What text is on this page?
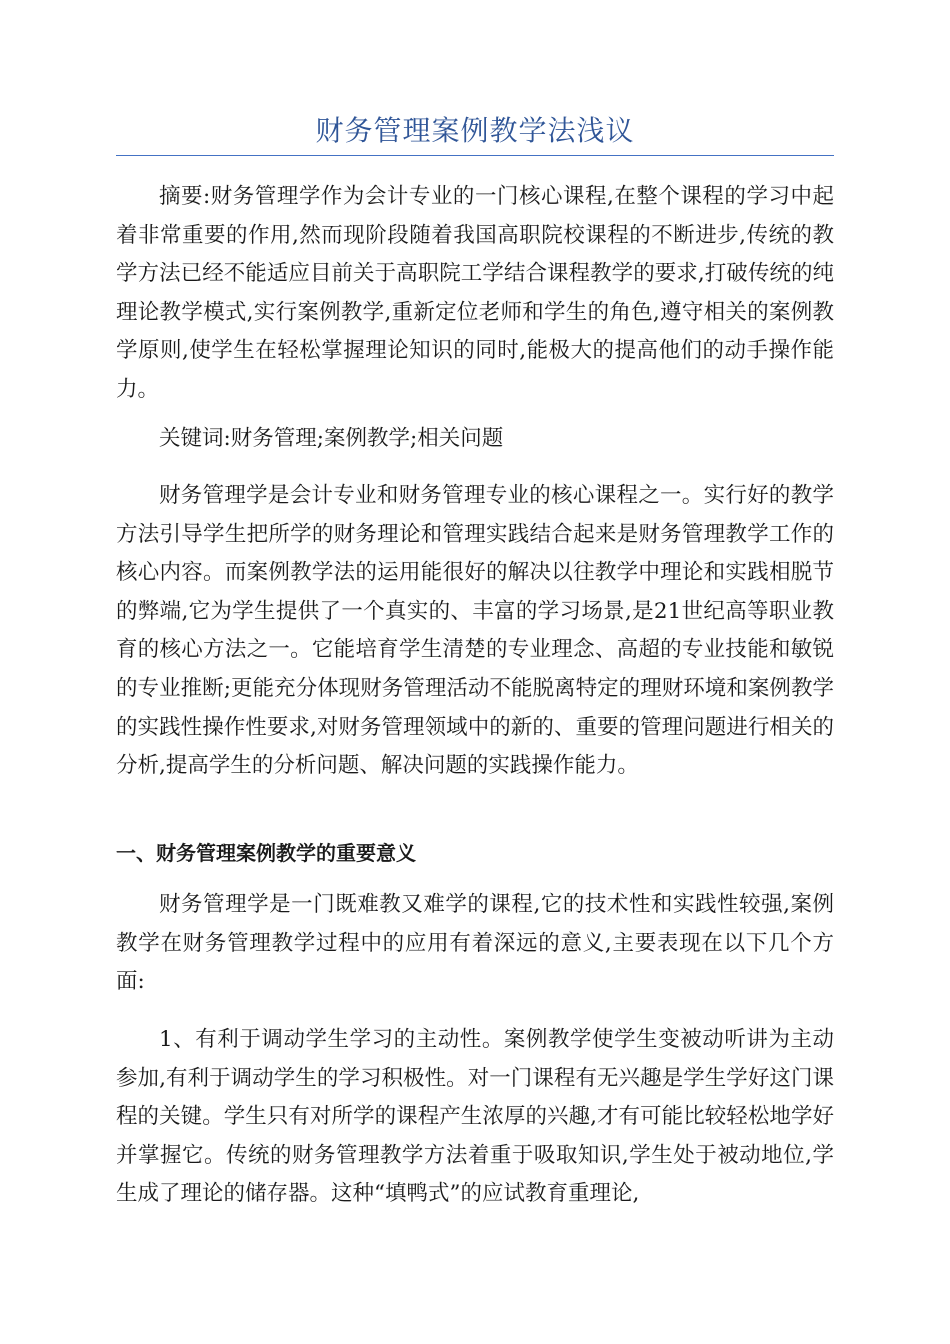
财务管理案例教学法浅议

摘要:财务管理学作为会计专业的一门核心课程,在整个课程的学习中起着非常重要的作用,然而现阶段随着我国高职院校课程的不断进步,传统的教学方法已经不能适应目前关于高职院工学结合课程教学的要求,打破传统的纯理论教学模式,实行案例教学,重新定位老师和学生的角色,遵守相关的案例教学原则,使学生在轻松掌握理论知识的同时,能极大的提高他们的动手操作能力。

关键词:财务管理;案例教学;相关问题

财务管理学是会计专业和财务管理专业的核心课程之一。实行好的教学方法引导学生把所学的财务理论和管理实践结合起来是财务管理教学工作的核心内容。而案例教学法的运用能很好的解决以往教学中理论和实践相脱节的弊端,它为学生提供了一个真实的、丰富的学习场景,是21世纪高等职业教育的核心方法之一。它能培育学生清楚的专业理念、高超的专业技能和敏锐的专业推断;更能充分体现财务管理活动不能脱离特定的理财环境和案例教学的实践性操作性要求,对财务管理领域中的新的、重要的管理问题进行相关的分析,提高学生的分析问题、解决问题的实践操作能力。

一、财务管理案例教学的重要意义

财务管理学是一门既难教又难学的课程,它的技术性和实践性较强,案例教学在财务管理教学过程中的应用有着深远的意义,主要表现在以下几个方面:

1、有利于调动学生学习的主动性。案例教学使学生变被动听讲为主动参加,有利于调动学生的学习积极性。对一门课程有无兴趣是学生学好这门课程的关键。学生只有对所学的课程产生浓厚的兴趣,才有可能比较轻松地学好并掌握它。传统的财务管理教学方法着重于吸取知识,学生处于被动地位,学生成了理论的储存器。这种“填鸭式”的应试教育重理论,
